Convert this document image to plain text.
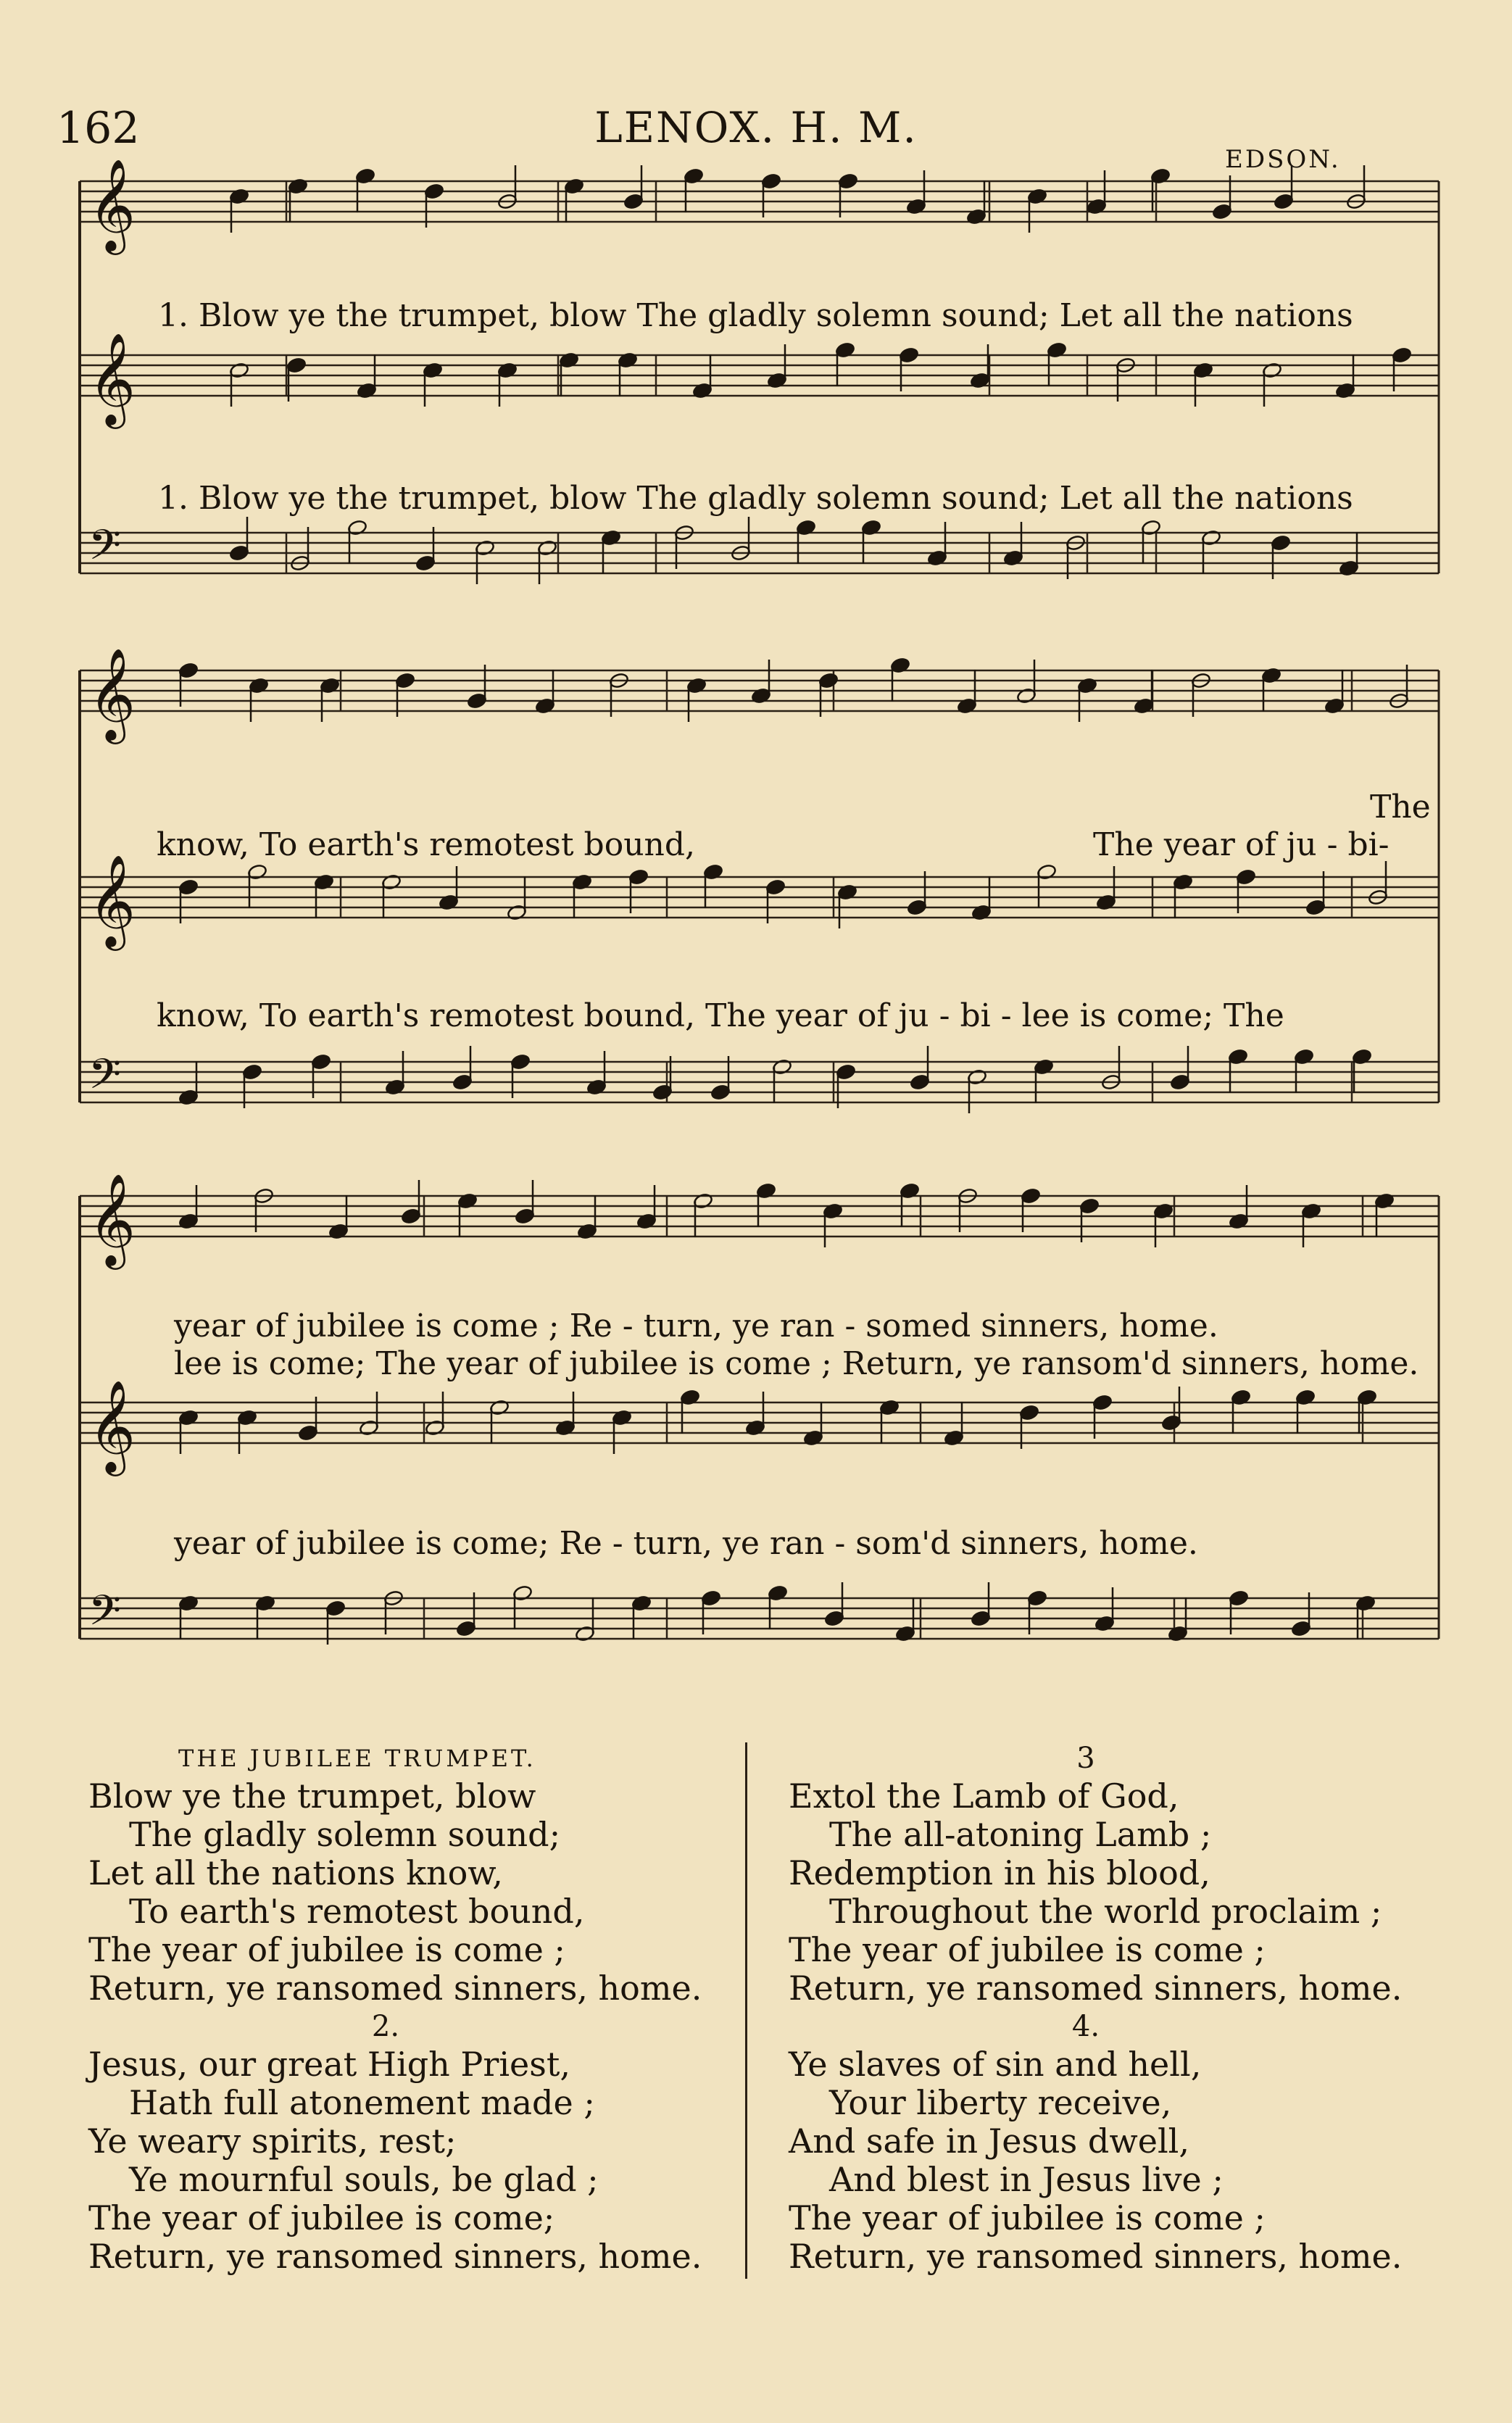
162	LENOX. H. M.
EDSON.
𝄞
𝄞
𝄢
𝄞
𝄞
𝄢
𝄞
𝄞
𝄢
1. Blow ye the trumpet, blow The gladly solemn sound; Let all the nations
1. Blow ye the trumpet, blow The gladly solemn sound; Let all the nations
The
know, To earth's remotest bound,	The year of ju - bi-
know, To earth's remotest bound, The year of ju - bi - lee is come; The
year of jubilee is come ; Re - turn, ye ran - somed sinners, home.
lee is come; The year of jubilee is come ; Return, ye ransom'd sinners, home.
year of jubilee is come; Re - turn, ye ran - som'd sinners, home.
THE JUBILEE TRUMPET.
Blow ye the trumpet, blow
The gladly solemn sound;
Let all the nations know,
To earth's remotest bound,
The year of jubilee is come ;
Return, ye ransomed sinners, home.
2.
Jesus, our great High Priest,
Hath full atonement made ;
Ye weary spirits, rest;
Ye mournful souls, be glad ;
The year of jubilee is come;
Return, ye ransomed sinners, home.
3
Extol the Lamb of God,
The all-atoning Lamb ;
Redemption in his blood,
Throughout the world proclaim ;
The year of jubilee is come ;
Return, ye ransomed sinners, home.
4.
Ye slaves of sin and hell,
Your liberty receive,
And safe in Jesus dwell,
And blest in Jesus live ;
The year of jubilee is come ;
Return, ye ransomed sinners, home.
